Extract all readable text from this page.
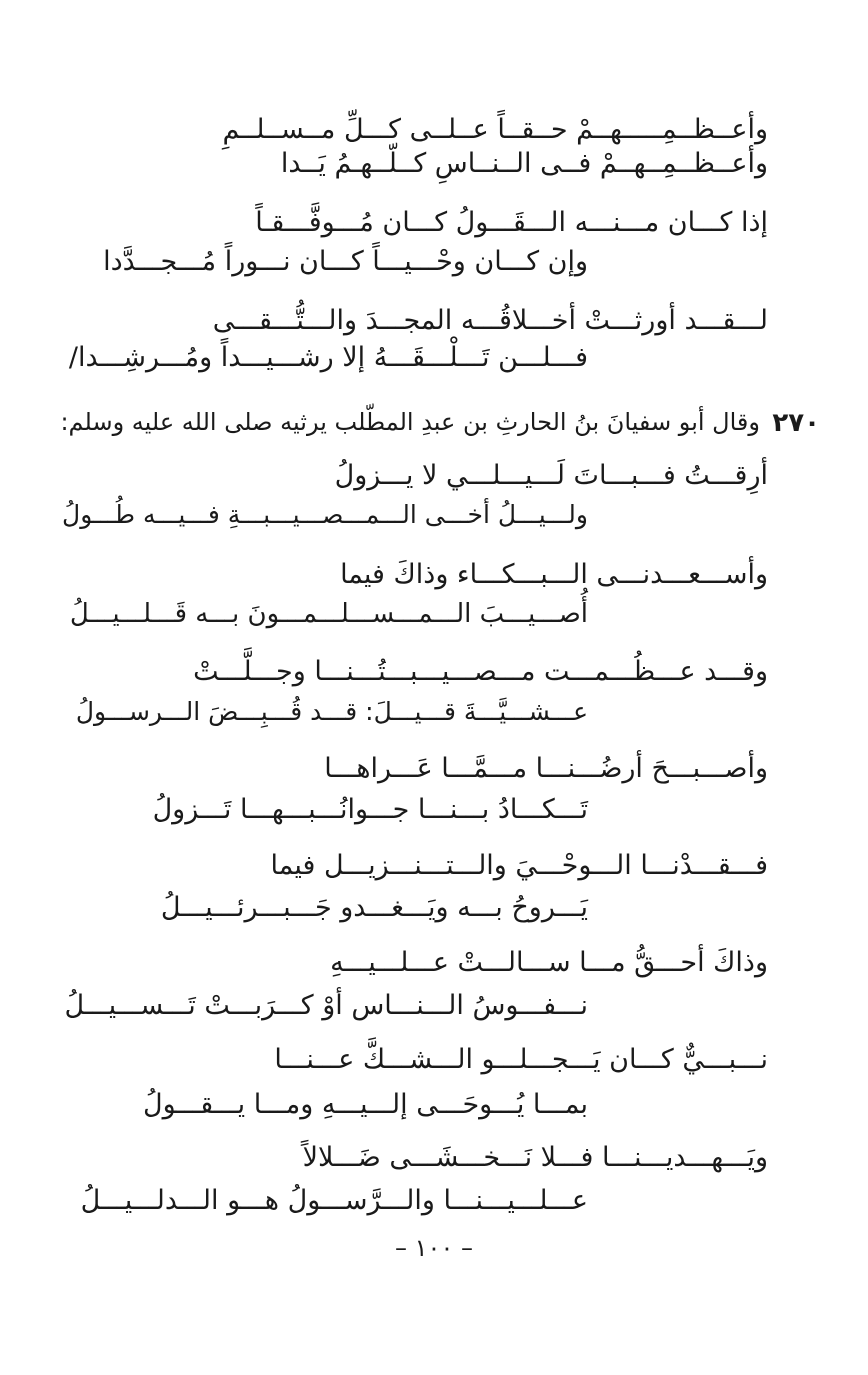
وأعــظــمِـــــهــمْ حــقــاً عــلــى كـــلِّ مــســلــمِ
وأعــظــمِــهــمْ فــى الــنــاسِ كــلّــهـمُ يَــدا
إذا كـــان مـــنـــه الـــقَـــولُ كـــان مُـــوفَّـــقـاً
وإن كـــان وحْـــيـــاً كـــان نـــوراً مُـــجـــدَّدا
لـــقـــد أورثـــتْ أخـــلاقُـــه المجـــدَ والـــتُّـــقـــى
فـــلـــن تَـــلْـــقَـــهُ إلا رشـــيـــداً ومُـــرشِـــدا/
٢٧٠
وقال أبو سفيانَ بنُ الحارثِ بن عبدِ المطّلب يرثيه صلى الله عليه وسلم:
أرِقـــتُ فـــبـــاتَ لَـــيـــلـــي لا يـــزولُ
ولـــيـــلُ أخـــى الـــمـــصـــيـــبـــةِ فـــيـــه طُـــولُ
وأســـعـــدنـــى الـــبـــكـــاء وذاكَ فيما
أُصـــيـــبَ الـــمـــســـلـــمـــونَ بـــه قَـــلـــيـــلُ
وقـــد عـــظُـــمـــت مـــصـــيـــبـــتُـــنـــا وجـــلَّـــتْ
عـــشـــيَّـــةَ قـــيـــلَ: قـــد قُـــبِـــضَ الـــرســـولُ
وأصـــبـــحَ أرضُـــنـــا مـــمَّـــا عَـــراهـــا
تَـــكـــادُ بـــنـــا جـــوانُـــبـــهـــا تَـــزولُ
فـــقـــدْنـــا الـــوحْـــيَ والـــتـــنـــزيـــل فيما
يَـــروحُ بـــه ويَـــغـــدو جَـــبـــرئـــيـــلُ
وذاكَ أحـــقُّ مـــا ســـالـــتْ عـــلـــيـــهِ
نـــفـــوسُ الـــنـــاس أوْ كـــرَبـــتْ تَـــســـيـــلُ
نـــبـــيٌّ كـــان يَـــجـــلـــو الـــشـــكَّ عـــنـــا
بمـــا يُـــوحَـــى إلـــيـــهِ ومـــا يـــقـــولُ
ويَـــهـــديـــنـــا فـــلا نَـــخـــشَـــى ضَـــلالاً
عـــلـــيـــنـــا والـــرَّســـولُ هـــو الـــدلـــيـــلُ
– ١٠٠ –
